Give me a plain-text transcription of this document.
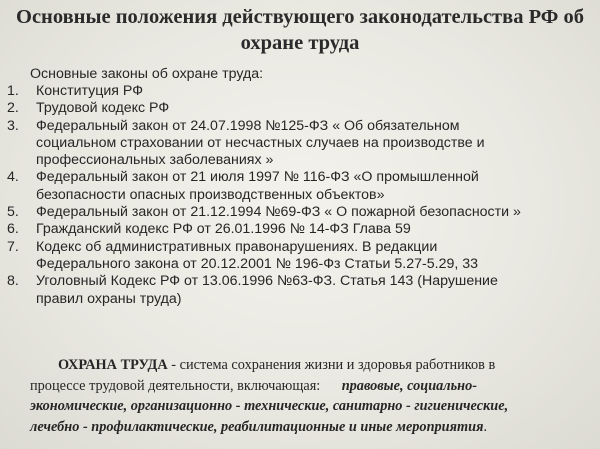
Основные положения действующего законодательства РФ об
охране труда
Основные законы об охране труда:
1. Конституция РФ
2. Трудовой кодекс РФ
3. Федеральный закон от 24.07.1998 №125-ФЗ « Об обязательном
социальном страховании от несчастных случаев на производстве и
профессиональных заболеваниях »
4. Федеральный закон от 21 июля 1997 № 116-ФЗ «О промышленной
безопасности опасных производственных объектов»
5. Федеральный закон от 21.12.1994 №69-ФЗ « О пожарной безопасности »
6. Гражданский кодекс РФ от 26.01.1996 № 14-ФЗ Глава 59
7. Кодекс об административных правонарушениях. В редакции
Федерального закона от 20.12.2001 № 196-Фз Статьи 5.27-5.29, 33
8. Уголовный Кодекс РФ от 13.06.1996 №63-ФЗ. Статья 143 (Нарушение
правил охраны труда)
ОХРАНА ТРУДА - система сохранения жизни и здоровья работников в
процессе трудовой деятельности, включающая: правовые, социально-
экономические, организационно - технические, санитарно - гигиенические,
лечебно - профилактические, реабилитационные и иные мероприятия.
